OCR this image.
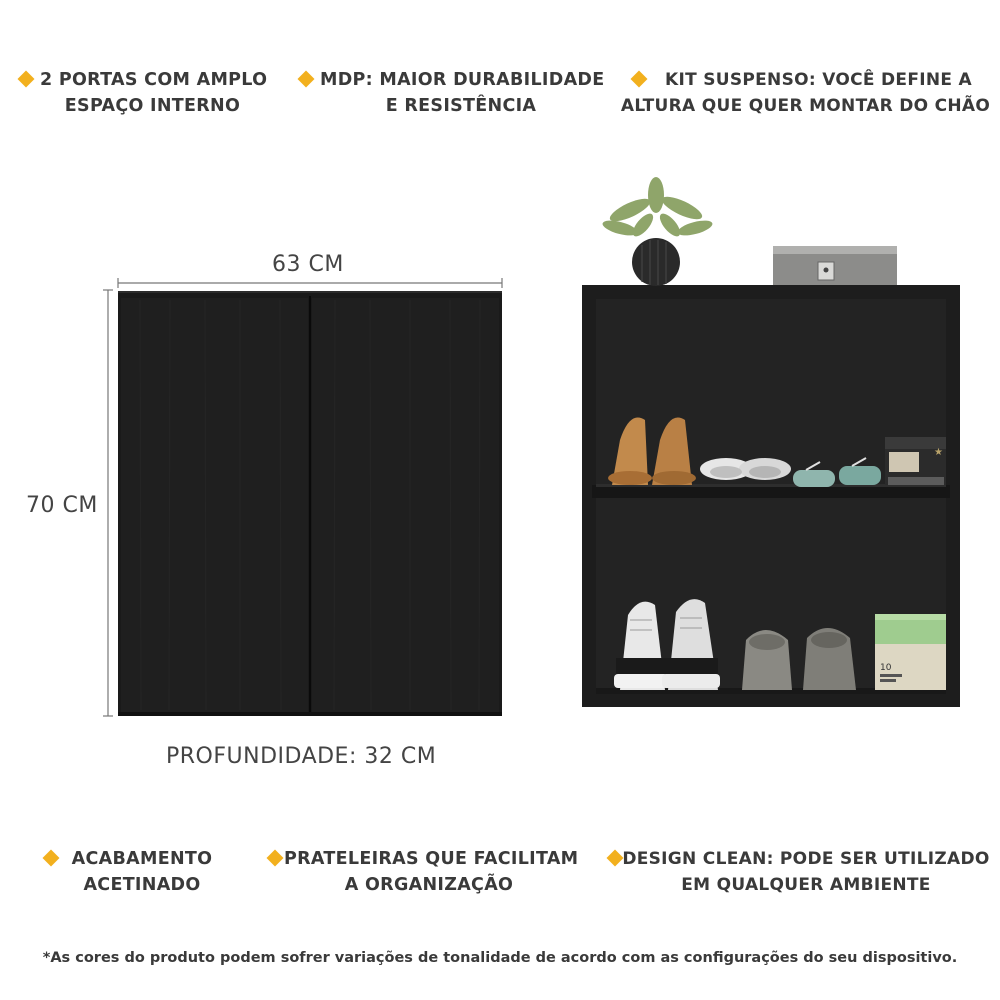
2 PORTAS COM AMPLO
ESPAÇO INTERNO
MDP: MAIOR DURABILIDADE
E RESISTÊNCIA
KIT SUSPENSO: VOCÊ DEFINE A
ALTURA QUE QUER MONTAR DO CHÃO
63 CM
70 CM
PROFUNDIDADE: 32 CM
★
10
ACABAMENTO
ACETINADO
PRATELEIRAS QUE FACILITAM
A ORGANIZAÇÃO
DESIGN CLEAN: PODE SER UTILIZADO
EM QUALQUER AMBIENTE
*As cores do produto podem sofrer variações de tonalidade de acordo com as configurações do seu dispositivo.
